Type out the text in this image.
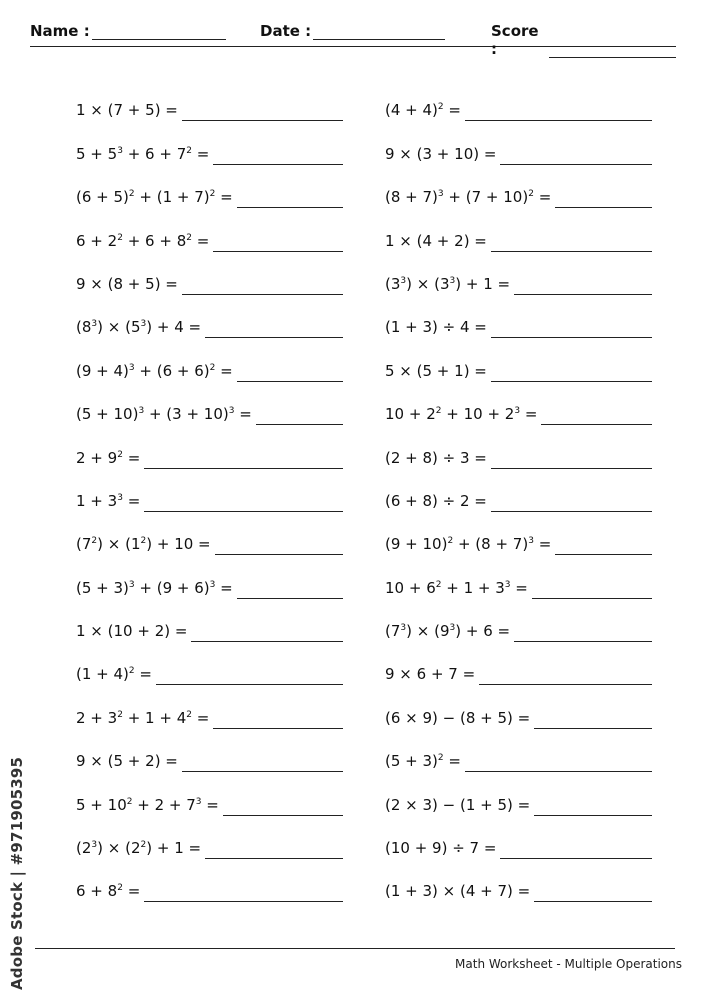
Name :	Date :	Score :
1 × (7 + 5) =
$5 + 5^3 + 6 + 7^2$ =
$(6 + 5)^2 + (1 + 7)^2$ =
$6 + 2^2 + 6 + 8^2$ =
9 × (8 + 5) =
$(8^3) \times (5^3) + 4$ =
$(9 + 4)^3 + (6 + 6)^2$ =
$(5 + 10)^3 + (3 + 10)^3$ =
$2 + 9^2$ =
$1 + 3^3$ =
$(7^2) \times (1^2) + 10$ =
$(5 + 3)^3 + (9 + 6)^3$ =
1 × (10 + 2) =
$(1 + 4)^2$ =
$2 + 3^2 + 1 + 4^2$ =
9 × (5 + 2) =
$5 + 10^2 + 2 + 7^3$ =
$(2^3) \times (2^2) + 1$ =
$6 + 8^2$ =
$(4 + 4)^2$ =
9 × (3 + 10) =
$(8 + 7)^3 + (7 + 10)^2$ =
1 × (4 + 2) =
$(3^3) \times (3^3) + 1$ =
(1 + 3) ÷ 4 =
5 × (5 + 1) =
$10 + 2^2 + 10 + 2^3$ =
(2 + 8) ÷ 3 =
(6 + 8) ÷ 2 =
$(9 + 10)^2 + (8 + 7)^3$ =
$10 + 6^2 + 1 + 3^3$ =
$(7^3) \times (9^3) + 6$ =
9 × 6 + 7 =
(6 × 9) − (8 + 5) =
$(5 + 3)^2$ =
(2 × 3) − (1 + 5) =
(10 + 9) ÷ 7 =
(1 + 3) × (4 + 7) =
Math Worksheet - Multiple Operations
Adobe Stock | #971905395
